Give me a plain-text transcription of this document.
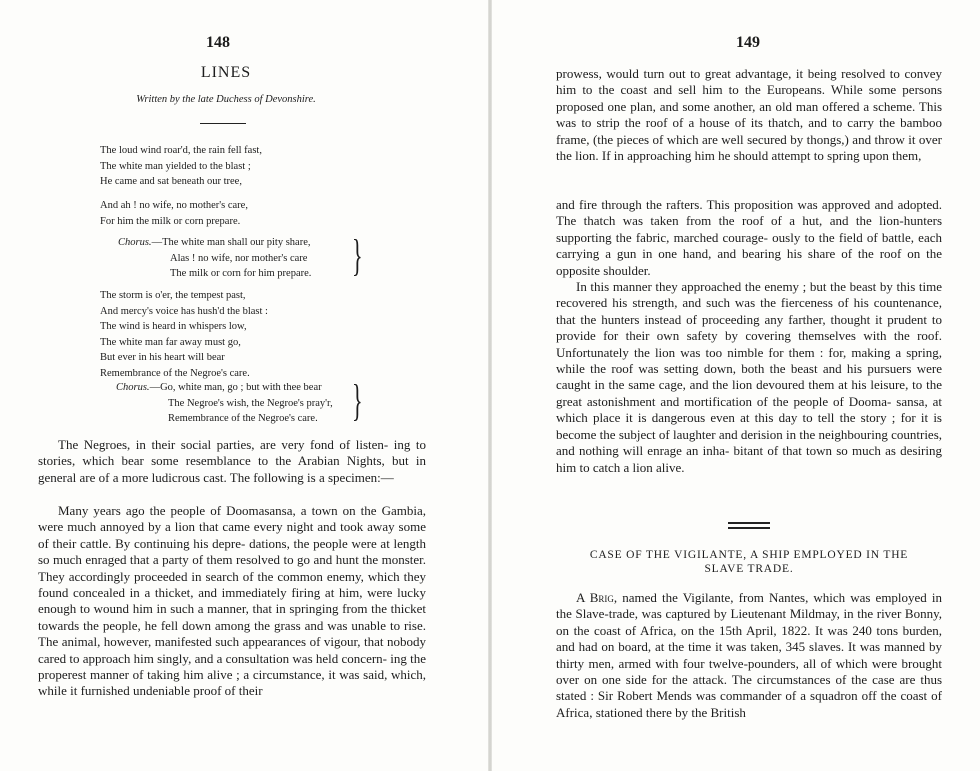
148
LINES
Written by the late Duchess of Devonshire.
The loud wind roar'd, the rain fell fast,
The white man yielded to the blast ;
He came and sat beneath our tree,
And ah ! no wife, no mother's care,
For him the milk or corn prepare.
Chorus.—The white man shall our pity share,
Alas ! no wife, nor mother's care
The milk or corn for him prepare. }
The storm is o'er, the tempest past,
And mercy's voice has hush'd the blast :
The wind is heard in whispers low,
The white man far away must go,
But ever in his heart will bear
Remembrance of the Negroe's care.
Chorus.—Go, white man, go ; but with thee bear
The Negroe's wish, the Negroe's pray'r,
Remembrance of the Negroe's care. }

The Negroes, in their social parties, are very fond of listen- ing to stories, which bear some resemblance to the Arabian Nights, but in general are of a more ludicrous cast. The following is a specimen:—

Many years ago the people of Doomasansa, a town on the Gambia, were much annoyed by a lion that came every night and took away some of their cattle. By continuing his depre- dations, the people were at length so much enraged that a party of them resolved to go and hunt the monster. They accordingly proceeded in search of the common enemy, which they found concealed in a thicket, and immediately firing at him, were lucky enough to wound him in such a manner, that in springing from the thicket towards the people, he fell down among the grass and was unable to rise. The animal, however, manifested such appearances of vigour, that nobody cared to approach him singly, and a consultation was held concern- ing the properest manner of taking him alive ; a circumstance, it was said, which, while it furnished undeniable proof of their

149

prowess, would turn out to great advantage, it being resolved to convey him to the coast and sell him to the Europeans. While some persons proposed one plan, and some another, an old man offered a scheme. This was to strip the roof of a house of its thatch, and to carry the bamboo frame, (the pieces of which are well secured by thongs,) and throw it over the lion. If in approaching him he should attempt to spring upon them,

and fire through the rafters. This proposition was approved and adopted. The thatch was taken from the roof of a hut, and the lion-hunters supporting the fabric, marched courage- ously to the field of battle, each carrying a gun in one hand, and bearing his share of the roof on the opposite shoulder.

In this manner they approached the enemy ; but the beast by this time recovered his strength, and such was the fierceness of his countenance, that the hunters instead of proceeding any farther, thought it prudent to provide for their own safety by covering themselves with the roof. Unfortunately the lion was too nimble for them : for, making a spring, while the roof was setting down, both the beast and his pursuers were caught in the same cage, and the lion devoured them at his leisure, to the great astonishment and mortification of the people of Dooma- sansa, at which place it is dangerous even at this day to tell the story ; for it is become the subject of laughter and derision in the neighbouring countries, and nothing will enrage an inha- bitant of that town so much as desiring him to catch a lion alive.

CASE OF THE VIGILANTE, A SHIP EMPLOYED IN THE
SLAVE TRADE.

A Brig, named the Vigilante, from Nantes, which was employed in the Slave-trade, was captured by Lieutenant Mildmay, in the river Bonny, on the coast of Africa, on the 15th April, 1822. It was 240 tons burden, and had on board, at the time it was taken, 345 slaves. It was manned by thirty men, armed with four twelve-pounders, all of which were brought over on one side for the attack. The circumstances of the case are thus stated : Sir Robert Mends was commander of a squadron off the coast of Africa, stationed there by the British
